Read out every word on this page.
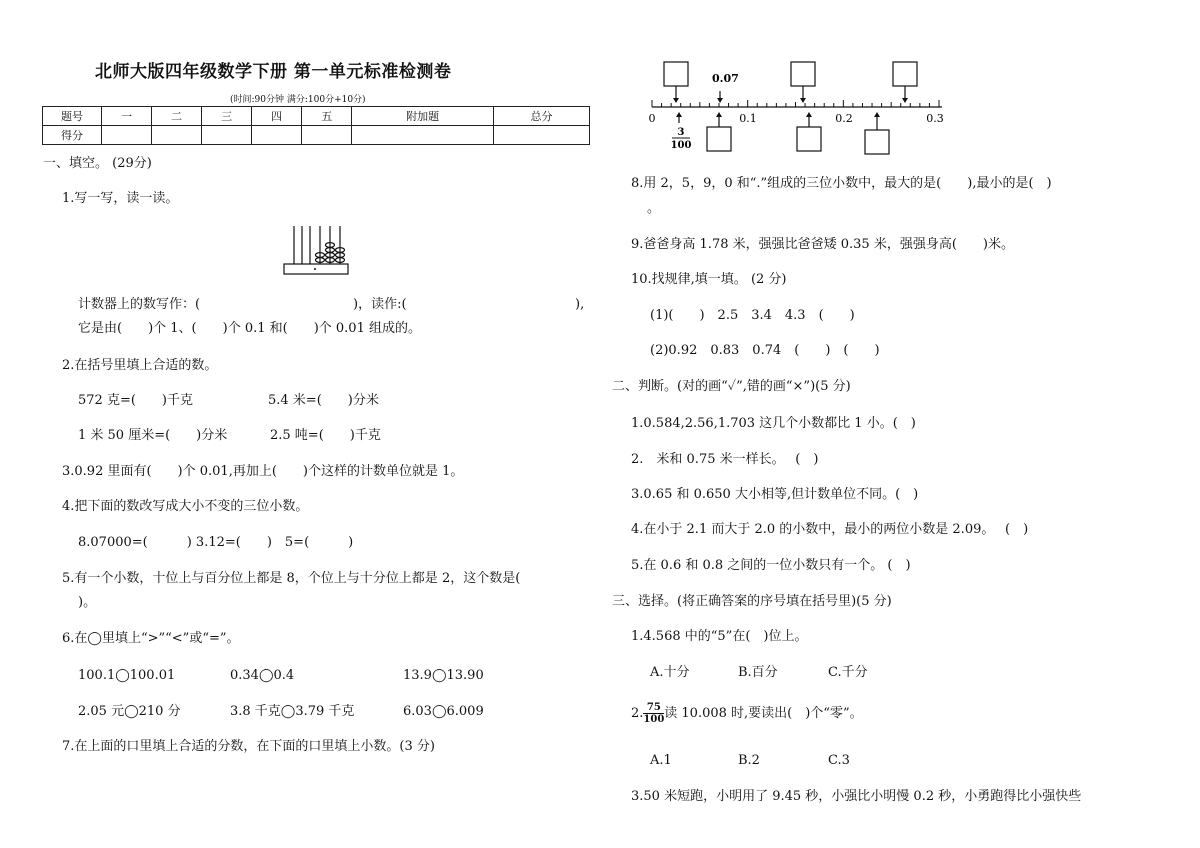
北师大版四年级数学下册 第一单元标准检测卷
(时间:90分钟 满分:100分+10分)
题号	一	二	三	四	五	附加题	总分
得分							
一、填空。 (29分)
1.写一写，读一读。
计数器上的数写作：(	)，读作:(	),
它是由(　　)个 1、(　　)个 0.1 和(　　)个 0.01 组成的。
2.在括号里填上合适的数。
572 克=(　　)千克	5.4 米=(　　)分米
1 米 50 厘米=(　　)分米	2.5 吨=(　　)千克
3.0.92 里面有(　　)个 0.01,再加上(　　)个这样的计数单位就是 1。
4.把下面的数改写成大小不变的三位小数。
8.07000=(　　　) 3.12=(　　)　5=(　　　)
5.有一个小数，十位上与百分位上都是 8，个位上与十分位上都是 2，这个数是(
)。
6.在◯里填上“>”“<”或“=”。
100.1◯100.01	0.34◯0.4	13.9◯13.90
2.05 元◯210 分	3.8 千克◯3.79 千克	6.03◯6.009
7.在上面的口里填上合适的分数，在下面的口里填上小数。(3 分)
0.07
0	0.1	0.2	0.3
3
100
8.用 2，5，9，0 和“.”组成的三位小数中，最大的是(　　),最小的是(　)
。
9.爸爸身高 1.78 米，强强比爸爸矮 0.35 米，强强身高(　　)米。
10.找规律,填一填。 (2 分)
(1)(　　)　2.5　3.4　4.3　(　　)
(2)0.92　0.83　0.74　(　　)　(　　)
二、判断。(对的画“✓”,错的画“×”)(5 分)
1.0.584,2.56,1.703 这几个小数都比 1 小。(　)
2.　米和 0.75 米一样长。　 (　)
3.0.65 和 0.650 大小相等,但计数单位不同。(　)
4.在小于 2.1 而大于 2.0 的小数中，最小的两位小数是 2.09。　 (　)
5.在 0.6 和 0.8 之间的一位小数只有一个。 (　)
三、选择。(将正确答案的序号填在括号里)(5 分)
1.4.568 中的“5”在(　)位上。
A.十分	B.百分	C.千分
2. $\frac{75}{100}$ 读 10.008 时,要读出(　)个“零”。
A.1	B.2	C.3
3.50 米短跑，小明用了 9.45 秒，小强比小明慢 0.2 秒，小勇跑得比小强快些
